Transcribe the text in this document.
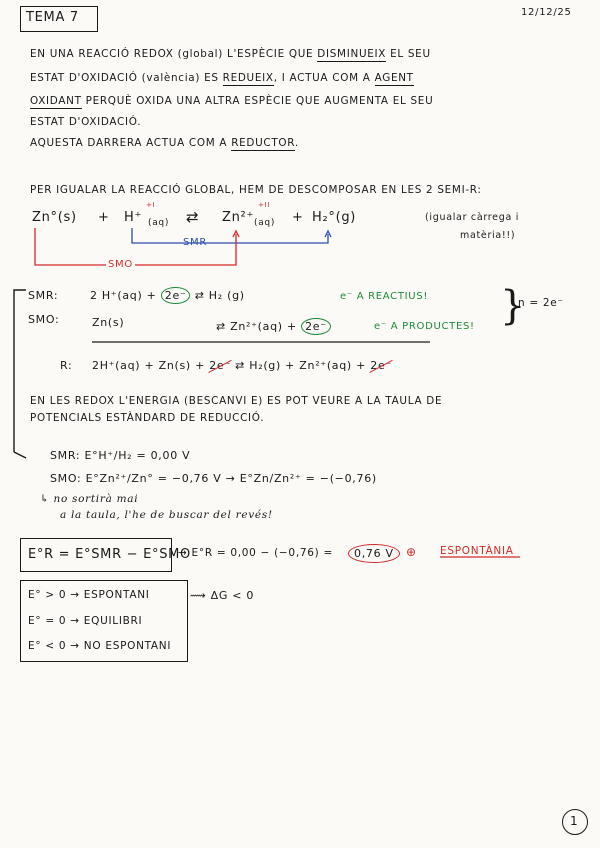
TEMA 7	12/12/25
EN UNA REACCIÓ REDOX (global) L'ESPÈCIE QUE DISMINUEIX EL SEU
ESTAT D'OXIDACIÓ (valència) ES REDUEIX, I ACTUA COM A AGENT
OXIDANT PERQUÈ OXIDA UNA ALTRA ESPÈCIE QUE AUGMENTA EL SEU
ESTAT D'OXIDACIÓ.
AQUESTA DARRERA ACTUA COM A REDUCTOR.
PER IGUALAR LA REACCIÓ GLOBAL, HEM DE DESCOMPOSAR EN LES 2 SEMI-R:
Zn°(s) + H⁺
+I
(aq) ⇄ Zn²⁺
+II
(aq) + H₂°(g)	(igualar càrrega i
matèria!!)
SMR
SMO
SMR:	2 H⁺(aq) + 2e⁻ ⇄ H₂ (g)	e⁻ A REACTIUS!
SMO:	Zn(s)	⇄ Zn²⁺(aq) + 2e⁻	e⁻ A PRODUCTES! }
n = 2e⁻
R: 2H⁺(aq) + Zn(s) + 2e⁻ ⇄ H₂(g) + Zn²⁺(aq) + 2e⁻
EN LES REDOX L'ENERGIA (BESCANVI E) ES POT VEURE A LA TAULA DE
POTENCIALS ESTÀNDARD DE REDUCCIÓ.
SMR: E°H⁺/H₂ = 0,00 V
SMO: E°Zn²⁺/Zn° = −0,76 V → E°Zn/Zn²⁺ = −(−0,76)
↳ no sortirà mai
a la taula, l'he de buscar del revés!
E°R = E°SMR − E°SMO
→ E°R = 0,00 − (−0,76) =	0,76 V	⊕ ESPONTÀNIA
E° > 0 → ESPONTANI	⟿ ΔG < 0
E° = 0 → EQUILIBRI
E° < 0 → NO ESPONTANI
1
